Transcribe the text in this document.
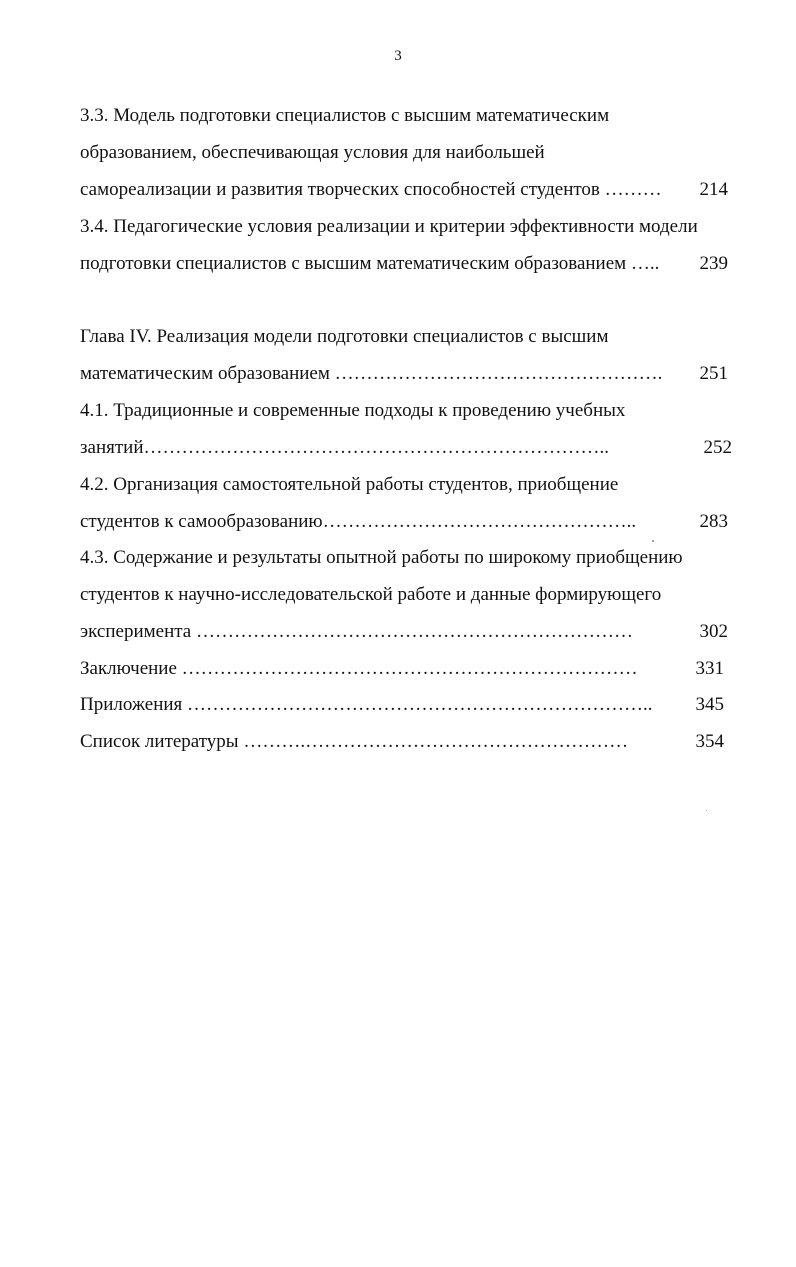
3
3.3. Модель подготовки специалистов с высшим математическим
образованием, обеспечивающая условия для наибольшей
самореализации и развития творческих способностей студентов ……… 214
3.4. Педагогические условия реализации и критерии эффективности модели
подготовки специалистов с высшим математическим образованием ….. 239
Глава IV. Реализация модели подготовки специалистов с высшим
математическим образованием ……………………………………………. 251
4.1. Традиционные и современные подходы к проведению учебных
занятий………………………………………………………………..	252
4.2. Организация самостоятельной работы студентов, приобщение
студентов к самообразованию…………………………………………..	283
4.3. Содержание и результаты опытной работы по широкому приобщению
студентов к научно-исследовательской работе и данные формирующего
эксперимента ……………………………………………………………	302
Заключение ………………………………………………………………	331
Приложения ……………………………………………………………….. 345
Список литературы ……….……………………………………………	354
